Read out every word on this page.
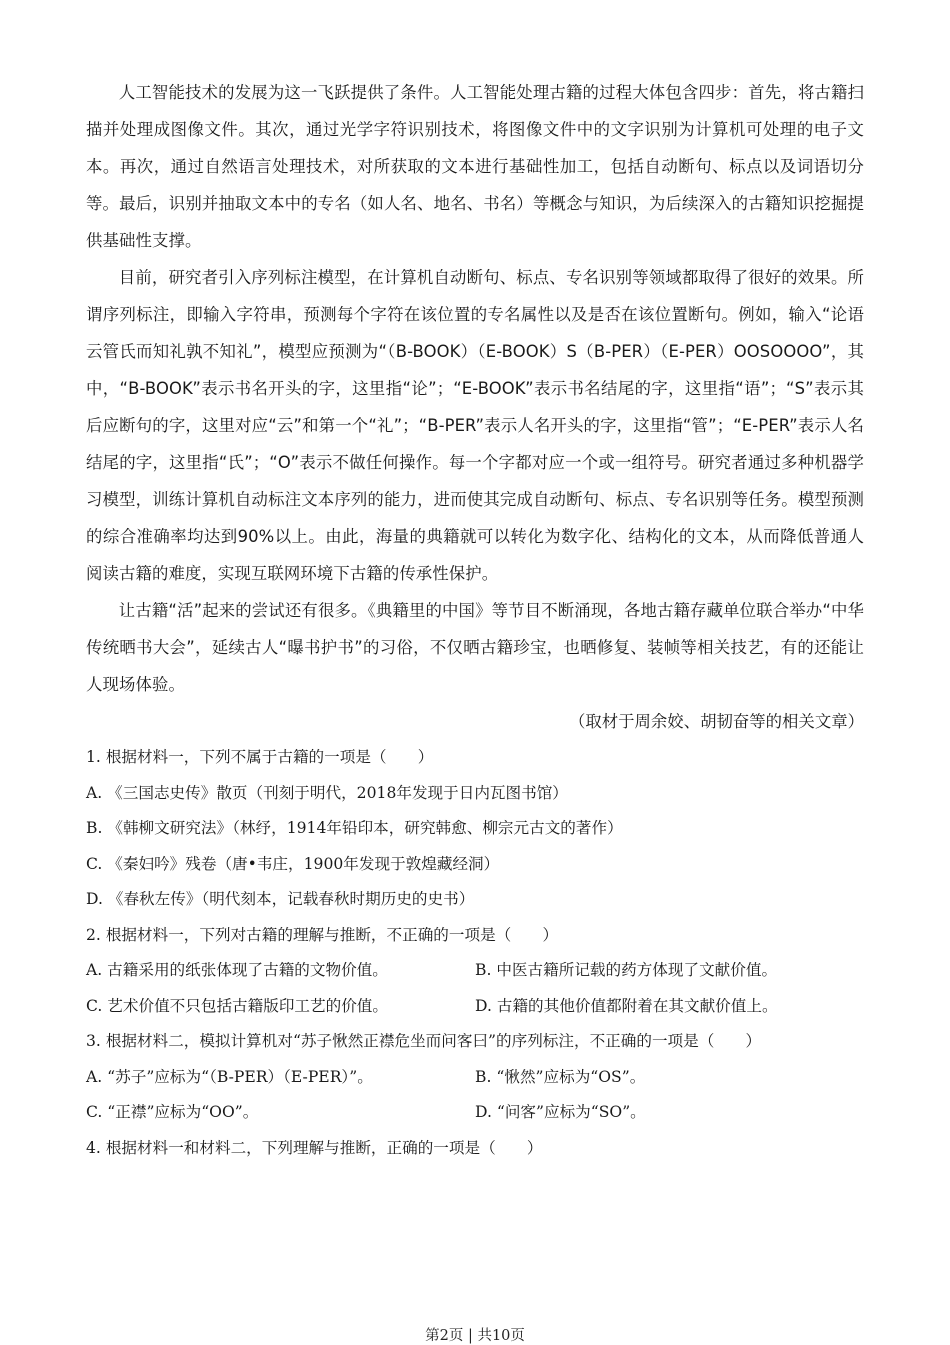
人工智能技术的发展为这一飞跃提供了条件。人工智能处理古籍的过程大体包含四步：首先，将古籍扫描并处理成图像文件。其次，通过光学字符识别技术，将图像文件中的文字识别为计算机可处理的电子文本。再次，通过自然语言处理技术，对所获取的文本进行基础性加工，包括自动断句、标点以及词语切分等。最后，识别并抽取文本中的专名（如人名、地名、书名）等概念与知识，为后续深入的古籍知识挖掘提供基础性支撑。

目前，研究者引入序列标注模型，在计算机自动断句、标点、专名识别等领域都取得了很好的效果。所谓序列标注，即输入字符串，预测每个字符在该位置的专名属性以及是否在该位置断句。例如，输入“论语云管氏而知礼孰不知礼”，模型应预测为“（B-BOOK）（E-BOOK）S（B-PER）（E-PER）OOSOOOO”，其中，“B-BOOK”表示书名开头的字，这里指“论”；“E-BOOK”表示书名结尾的字，这里指“语”；“S”表示其后应断句的字，这里对应“云”和第一个“礼”；“B-PER”表示人名开头的字，这里指“管”；“E-PER”表示人名结尾的字，这里指“氏”；“O”表示不做任何操作。每一个字都对应一个或一组符号。研究者通过多种机器学习模型，训练计算机自动标注文本序列的能力，进而使其完成自动断句、标点、专名识别等任务。模型预测的综合准确率均达到90%以上。由此，海量的典籍就可以转化为数字化、结构化的文本，从而降低普通人阅读古籍的难度，实现互联网环境下古籍的传承性保护。

让古籍“活”起来的尝试还有很多。《典籍里的中国》等节目不断涌现，各地古籍存藏单位联合举办“中华传统晒书大会”，延续古人“曝书护书”的习俗，不仅晒古籍珍宝，也晒修复、装帧等相关技艺，有的还能让人现场体验。

（取材于周余姣、胡韧奋等的相关文章）

1. 根据材料一，下列不属于古籍的一项是（　　）

A. 《三国志史传》散页（刊刻于明代，2018年发现于日内瓦图书馆）

B. 《韩柳文研究法》（林纾，1914年铅印本，研究韩愈、柳宗元古文的著作）

C. 《秦妇吟》残卷（唐•韦庄，1900年发现于敦煌藏经洞）

D. 《春秋左传》（明代刻本，记载春秋时期历史的史书）

2. 根据材料一，下列对古籍的理解与推断，不正确的一项是（　　）

A. 古籍采用的纸张体现了古籍的文物价值。	B. 中医古籍所记载的药方体现了文献价值。
C. 艺术价值不只包括古籍版印工艺的价值。	D. 古籍的其他价值都附着在其文献价值上。

3. 根据材料二，模拟计算机对“苏子愀然正襟危坐而问客曰”的序列标注，不正确的一项是（　　）

A. “苏子”应标为“（B-PER）（E-PER）”。	B. “愀然”应标为“OS”。
C. “正襟”应标为“OO”。	D. “问客”应标为“SO”。

4. 根据材料一和材料二，下列理解与推断，正确的一项是（　　）

第2页 | 共10页
